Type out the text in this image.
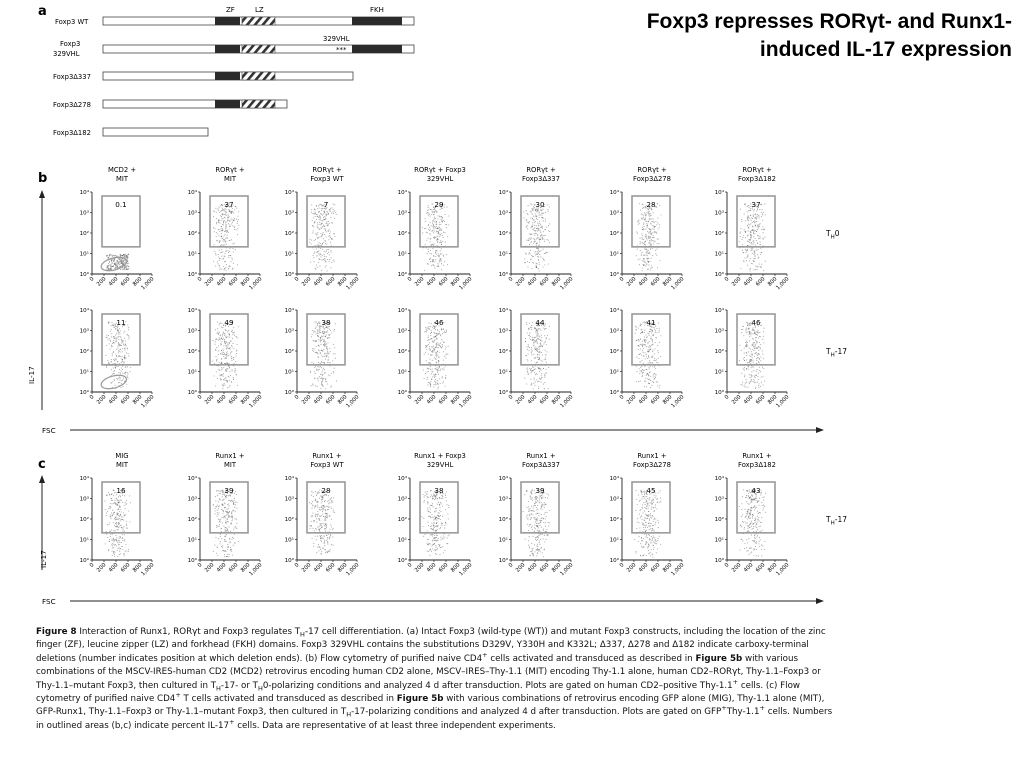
Foxp3 represses RORγt- and Runx1-induced IL-17 expression
a	ZF	LZ	FKH
Foxp3 WT
Foxp3
329VHL
329VHL
***
Foxp3Δ337
Foxp3Δ278
Foxp3Δ182
b
c
MCD2 +
MIT
RORγt +
MIT
RORγt +
Foxp3 WT
RORγt + Foxp3
329VHL
RORγt +
Foxp3Δ337
RORγt +
Foxp3Δ278
RORγt +
Foxp3Δ182
10⁰
10¹
10²
10³
10⁴
0 200 400 600 800
1,000
0.1
10⁰
10¹
10²
10³
10⁴
0 200 400 600 800
1,000
37
10⁰
10¹
10²
10³
10⁴
0 200 400 600 800
1,000
7
10⁰
10¹
10²
10³
10⁴
0 200 400 600 800
1,000
29
10⁰
10¹
10²
10³
10⁴
0 200 400 600 800
1,000
30
10⁰
10¹
10²
10³
10⁴
0 200 400 600 800
1,000
28
10⁰
10¹
10²
10³
10⁴
0 200 400 600 800
1,000
37
$T_H0$
10⁰
10¹
10²
10³
10⁴
0 200 400 600 800
1,000
11
10⁰
10¹
10²
10³
10⁴
0 200 400 600 800
1,000
49
10⁰
10¹
10²
10³
10⁴
0 200 400 600 800
1,000
38
10⁰
10¹
10²
10³
10⁴
0 200 400 600 800
1,000
46
10⁰
10¹
10²
10³
10⁴
0 200 400 600 800
1,000
44
10⁰
10¹
10²
10³
10⁴
0 200 400 600 800
1,000
41
10⁰
10¹
10²
10³
10⁴
0 200 400 600 800
1,000
46
$T_H-17$
MIG
MIT
Runx1 +
MIT
Runx1 +
Foxp3 WT
Runx1 + Foxp3
329VHL
Runx1 +
Foxp3Δ337
Runx1 +
Foxp3Δ278
Runx1 +
Foxp3Δ182
10⁰
10¹
10²
10³
10⁴
0 200 400 600 800
1,000
16
10⁰
10¹
10²
10³
10⁴
0 200 400 600 800
1,000
39
10⁰
10¹
10²
10³
10⁴
0 200 400 600 800
1,000
28
10⁰
10¹
10²
10³
10⁴
0 200 400 600 800
1,000
38
10⁰
10¹
10²
10³
10⁴
0 200 400 600 800
1,000
39
10⁰
10¹
10²
10³
10⁴
0 200 400 600 800
1,000
45
10⁰
10¹
10²
10³
10⁴
0 200 400 600 800
1,000
43
$T_H-17$
IL-17
FSC
IL-17
FSC
Figure 8 Interaction of Runx1, RORγt and Foxp3 regulates $T_H-17$ cell differentiation. (a) Intact Foxp3 (wild-type (WT)) and mutant Foxp3 constructs, including the location of the zinc finger (ZF), leucine zipper (LZ) and forkhead (FKH) domains. Foxp3 329VHL contains the substitutions D329V, Y330H and K332L; Δ337, Δ278 and Δ182 indicate carboxy-terminal deletions (number indicates position at which deletion ends). (b) Flow cytometry of purified naive CD4+ cells activated and transduced as described in Figure 5b with various combinations of the MSCV-IRES-human CD2 (MCD2) retrovirus encoding human CD2 alone, MSCV–IRES–Thy-1.1 (MIT) encoding Thy-1.1 alone, human CD2–RORγt, Thy-1.1–Foxp3 or Thy-1.1–mutant Foxp3, then cultured in $T_H-17-$ or $T_H0$-polarizing conditions and analyzed 4 d after transduction. Plots are gated on human CD2–positive Thy-1.1+ cells. (c) Flow cytometry of purified naive CD4+ T cells activated and transduced as described in Figure 5b with various combinations of retrovirus encoding GFP alone (MIG), Thy-1.1 alone (MIT), GFP-Runx1, Thy-1.1–Foxp3 or Thy-1.1–mutant Foxp3, then cultured in $T_H-17$-polarizing conditions and analyzed 4 d after transduction. Plots are gated on GFP+Thy-1.1+ cells. Numbers in outlined areas (b,c) indicate percent IL-17+ cells. Data are representative of at least three independent experiments.
